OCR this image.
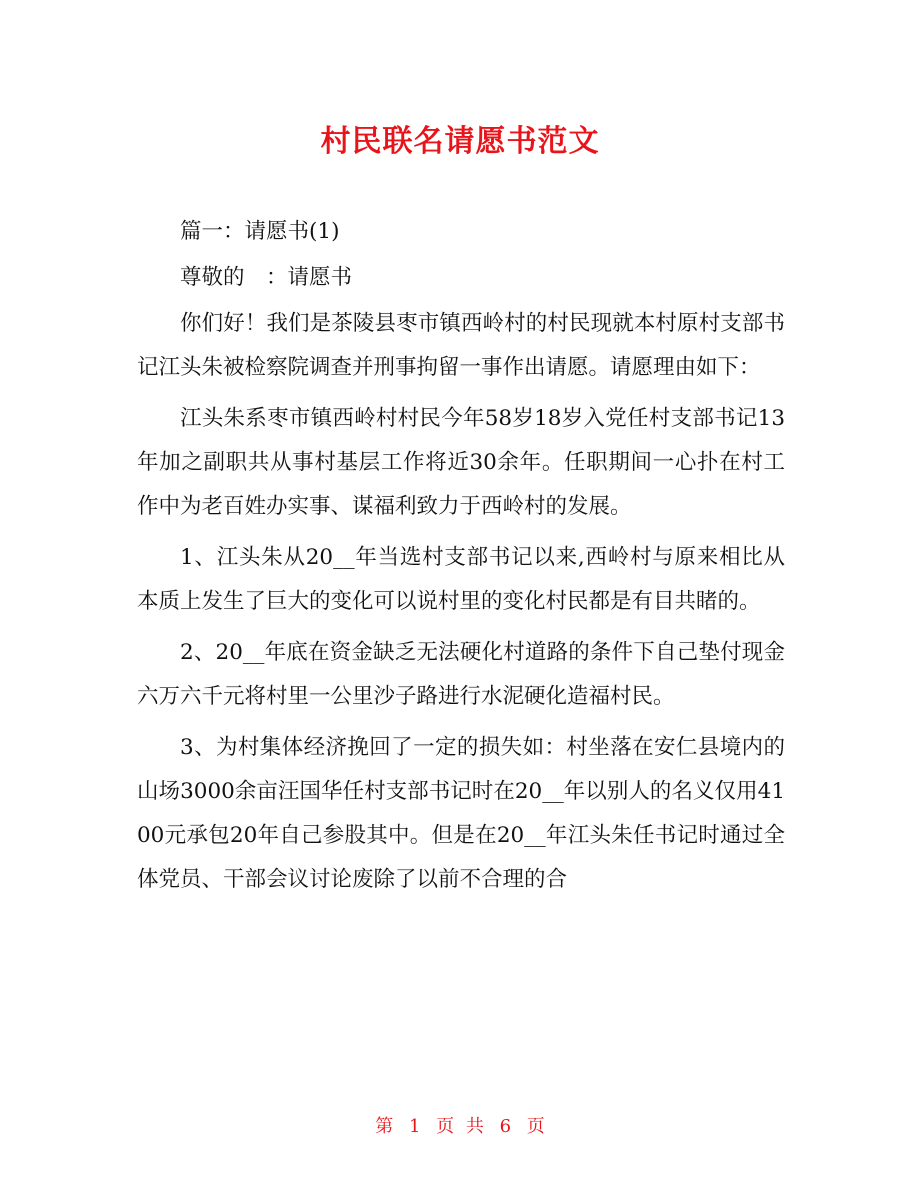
村民联名请愿书范文

篇一：请愿书(1)

尊敬的　：请愿书

你们好！我们是茶陵县枣市镇西岭村的村民现就本村原村支部书记江头朱被检察院调查并刑事拘留一事作出请愿。请愿理由如下：

江头朱系枣市镇西岭村村民今年58岁18岁入党任村支部书记13年加之副职共从事村基层工作将近30余年。任职期间一心扑在村工作中为老百姓办实事、谋福利致力于西岭村的发展。

1、江头朱从20__年当选村支部书记以来,西岭村与原来相比从本质上发生了巨大的变化可以说村里的变化村民都是有目共睹的。

2、20__年底在资金缺乏无法硬化村道路的条件下自己垫付现金六万六千元将村里一公里沙子路进行水泥硬化造福村民。

3、为村集体经济挽回了一定的损失如：村坐落在安仁县境内的山场3000余亩汪国华任村支部书记时在20__年以别人的名义仅用4100元承包20年自己参股其中。但是在20__年江头朱任书记时通过全体党员、干部会议讨论废除了以前不合理的合

第 1 页 共 6 页
